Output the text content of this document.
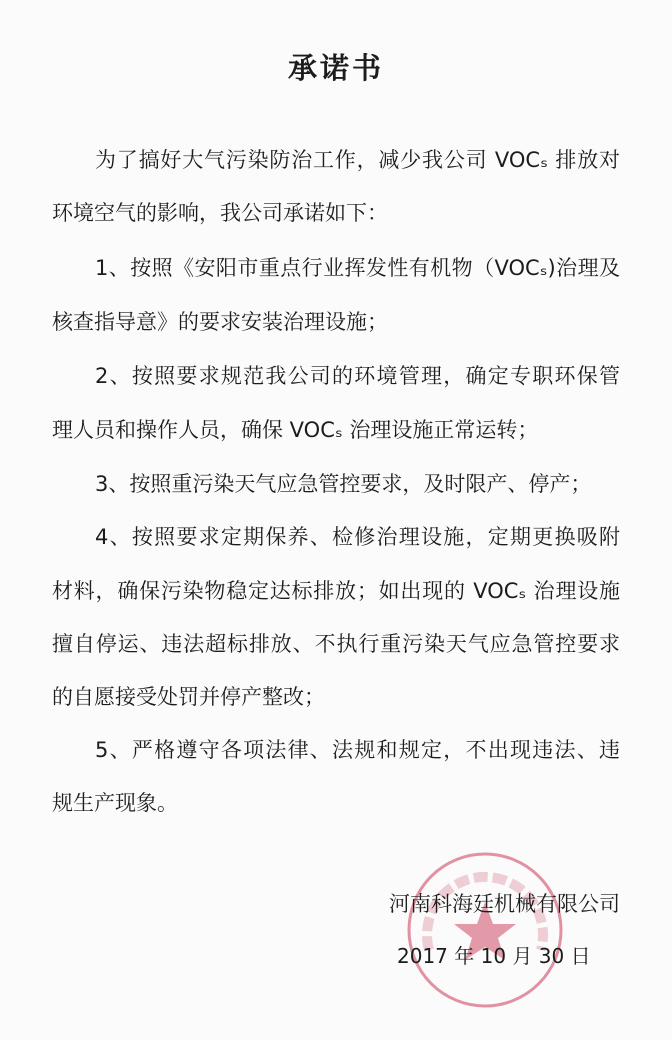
承诺书
为了搞好大气污染防治工作，减少我公司 VOCₛ 排放对
环境空气的影响，我公司承诺如下：
1、按照《安阳市重点行业挥发性有机物（VOCₛ)治理及
核查指导意》的要求安装治理设施；
2、按照要求规范我公司的环境管理，确定专职环保管
理人员和操作人员，确保 VOCₛ 治理设施正常运转；
3、按照重污染天气应急管控要求，及时限产、停产；
4、按照要求定期保养、检修治理设施，定期更换吸附
材料，确保污染物稳定达标排放；如出现的 VOCₛ 治理设施
擅自停运、违法超标排放、不执行重污染天气应急管控要求
的自愿接受处罚并停产整改；
5、严格遵守各项法律、法规和规定，不出现违法、违
规生产现象。
河南科海廷机械有限公司
2017 年 10 月 30 日
